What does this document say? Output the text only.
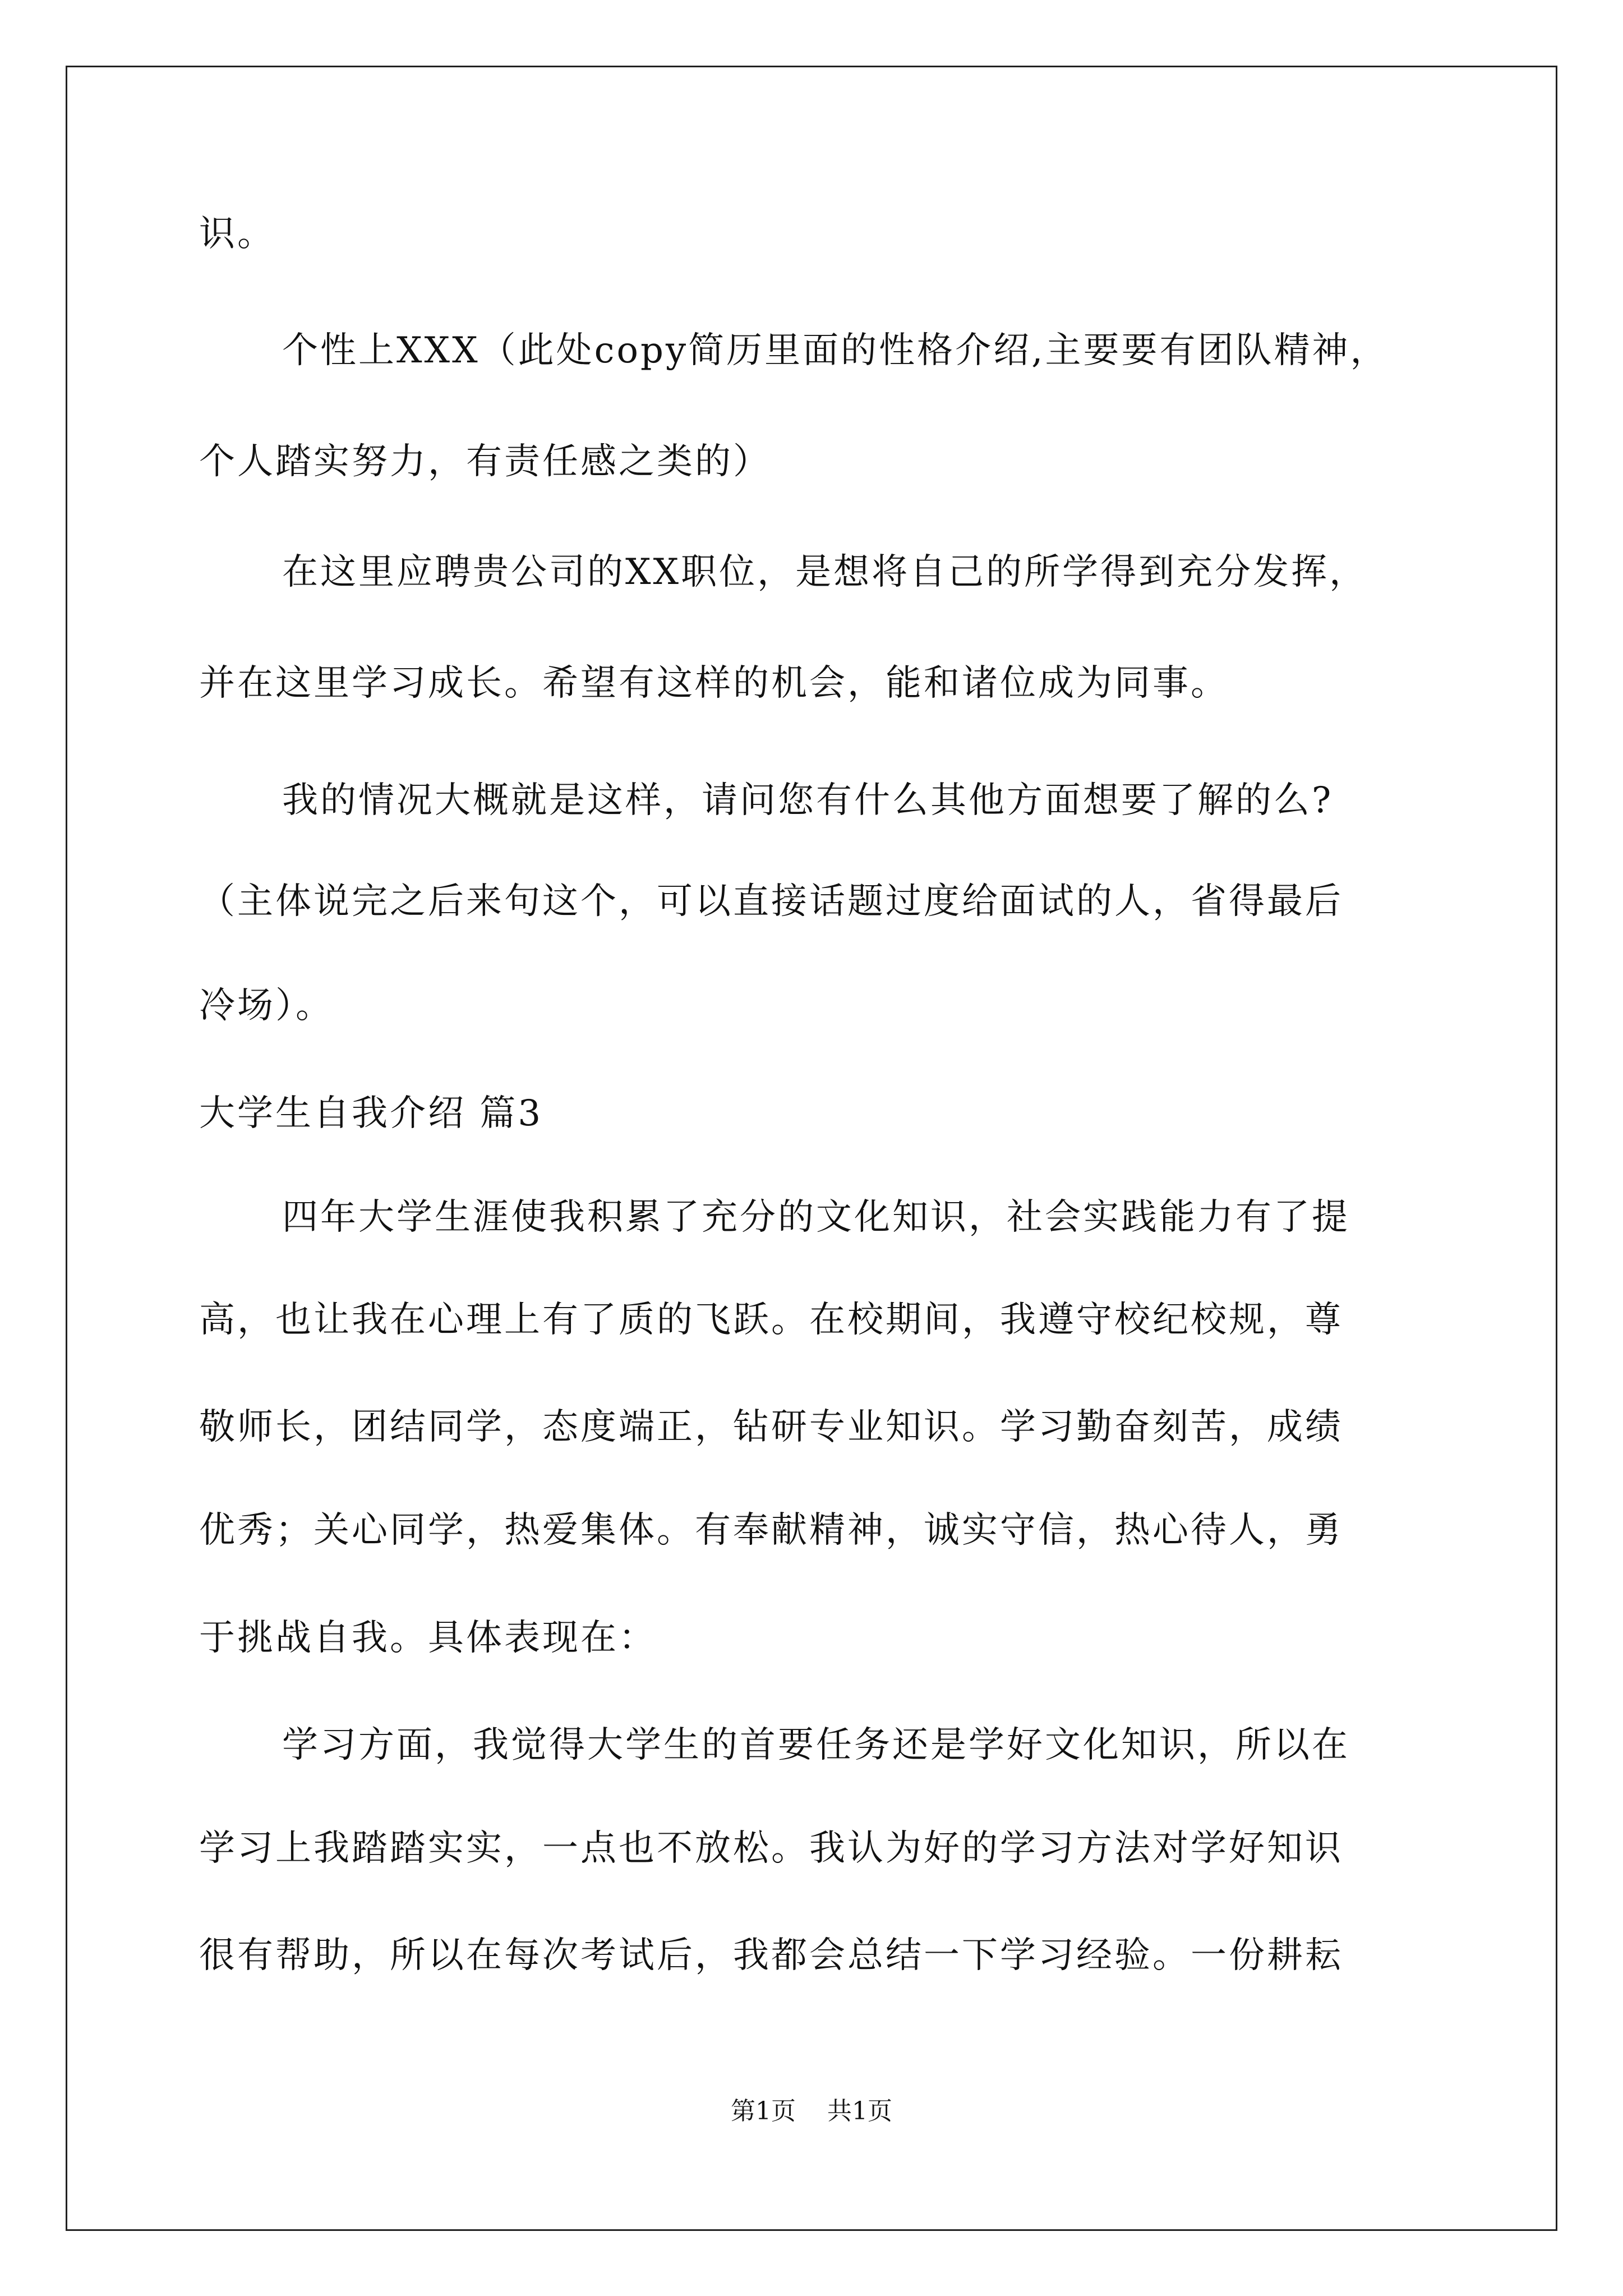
识。
个性上XXX（此处copy简历里面的性格介绍,主要要有团队精神，
个人踏实努力，有责任感之类的）
在这里应聘贵公司的XX职位，是想将自己的所学得到充分发挥，
并在这里学习成长。希望有这样的机会，能和诸位成为同事。
我的情况大概就是这样，请问您有什么其他方面想要了解的么?
（主体说完之后来句这个，可以直接话题过度给面试的人，省得最后
冷场）。
大学生自我介绍 篇3
四年大学生涯使我积累了充分的文化知识，社会实践能力有了提
高，也让我在心理上有了质的飞跃。在校期间，我遵守校纪校规，尊
敬师长，团结同学，态度端正，钻研专业知识。学习勤奋刻苦，成绩
优秀；关心同学，热爱集体。有奉献精神，诚实守信，热心待人，勇
于挑战自我。具体表现在：
学习方面，我觉得大学生的首要任务还是学好文化知识，所以在
学习上我踏踏实实，一点也不放松。我认为好的学习方法对学好知识
很有帮助，所以在每次考试后，我都会总结一下学习经验。一份耕耘
第1页 共1页
